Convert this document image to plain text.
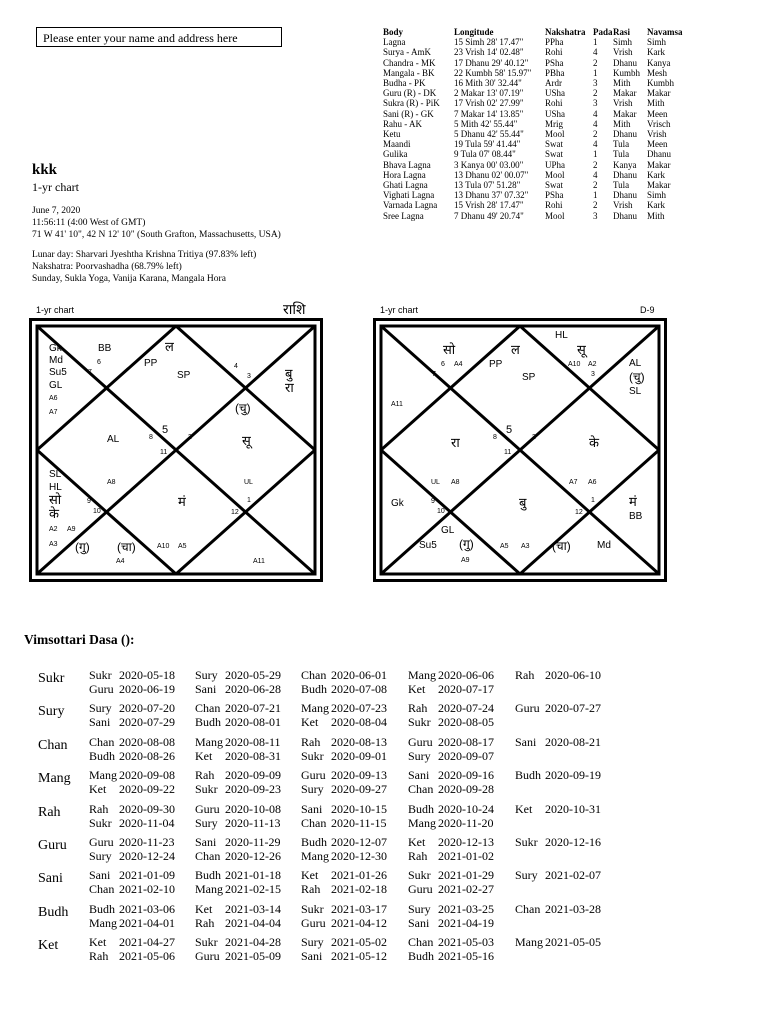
Please enter your name and address here
kkk
1-yr chart
June 7, 2020
11:56:11 (4:00 West of GMT)
71 W 41' 10", 42 N 12' 10" (South Grafton, Massachusetts, USA)
Lunar day: Sharvari Jyeshtha Krishna Tritiya (97.83% left)
Nakshatra: Poorvashadha (68.79% left)
Sunday, Sukla Yoga, Vanija Karana, Mangala Hora
Body	Longitude	Nakshatra	Pada	Rasi	Navamsa
Lagna	15 Simh 28' 17.47"	PPha	1	Simh	Simh
Surya - AmK	23 Vrish 14' 02.48"	Rohi	4	Vrish	Kark
Chandra - MK	17 Dhanu 29' 40.12"	PSha	2	Dhanu	Kanya
Mangala - BK	22 Kumbh 58' 15.97"	PBha	1	Kumbh	Mesh
Budha - PK	16 Mith 30' 32.44"	Ardr	3	Mith	Kumbh
Guru (R) - DK	2 Makar 13' 07.19"	USha	2	Makar	Makar
Sukra (R) - PiK	17 Vrish 02' 27.99"	Rohi	3	Vrish	Mith
Sani (R) - GK	7 Makar 14' 13.85"	USha	4	Makar	Meen
Rahu - AK	5 Mith 42' 55.44"	Mrig	4	Mith	Vrisch
Ketu	5 Dhanu 42' 55.44"	Mool	2	Dhanu	Vrish
Maandi	19 Tula 59' 41.44"	Swat	4	Tula	Meen
Gulika	9 Tula 07' 08.44"	Swat	1	Tula	Dhanu
Bhava Lagna	3 Kanya 00' 03.00"	UPha	2	Kanya	Makar
Hora Lagna	13 Dhanu 02' 00.07"	Mool	4	Dhanu	Kark
Ghati Lagna	13 Tula 07' 51.28"	Swat	2	Tula	Makar
Vighati Lagna	13 Dhanu 37' 07.32"	PSha	1	Dhanu	Simh
Varnada Lagna	15 Vrish 28' 17.47"	Rohi	2	Vrish	Kark
Sree Lagna	7 Dhanu 49' 20.74"	Mool	3	Dhanu	Mith
1-yr chart	राशि
Gk
Md
Su5
GL
A6
A7
BB
6
7
ल
PP
SP
4
3	बु
रा
(चु)
AL	8
5
2
11
सू
SL
HL
सो
के
A2 A9
A3
A8
9
10
मं
UL
12
1
(गु) (चा)
A4
A10 A5
A11
1-yr chart	D-9
HL
सो
A4
ल
PP
SP
सू
A10 A2	AL
(चु)
SL
7
6
3
A11
रा	8
5
2
11
के
UL A8	A7 A6
Gk	9
10
बु
12
1	मं
BB
GL
Su5 (गु)
A9
A5 A3 (चा)	Md
Vimsottari Dasa ():
Sukr Sukr 2020-05-18 Sury 2020-05-29 Chan 2020-06-01 Mang 2020-06-06 Rah 2020-06-10
Guru 2020-06-19 Sani 2020-06-28 Budh 2020-07-08 Ket 2020-07-17
Sury Sury 2020-07-20 Chan 2020-07-21 Mang 2020-07-23 Rah 2020-07-24 Guru 2020-07-27
Sani 2020-07-29 Budh 2020-08-01 Ket 2020-08-04 Sukr 2020-08-05
Chan Chan 2020-08-08 Mang 2020-08-11 Rah 2020-08-13 Guru 2020-08-17 Sani 2020-08-21
Budh 2020-08-26 Ket 2020-08-31 Sukr 2020-09-01 Sury 2020-09-07
Mang Mang 2020-09-08 Rah 2020-09-09 Guru 2020-09-13 Sani 2020-09-16 Budh 2020-09-19
Ket 2020-09-22 Sukr 2020-09-23 Sury 2020-09-27 Chan 2020-09-28
Rah Rah 2020-09-30 Guru 2020-10-08 Sani 2020-10-15 Budh 2020-10-24 Ket 2020-10-31
Sukr 2020-11-04 Sury 2020-11-13 Chan 2020-11-15 Mang 2020-11-20
Guru Guru 2020-11-23 Sani 2020-11-29 Budh 2020-12-07 Ket 2020-12-13 Sukr 2020-12-16
Sury 2020-12-24 Chan 2020-12-26 Mang 2020-12-30 Rah 2021-01-02
Sani Sani 2021-01-09 Budh 2021-01-18 Ket 2021-01-26 Sukr 2021-01-29 Sury 2021-02-07
Chan 2021-02-10 Mang 2021-02-15 Rah 2021-02-18 Guru 2021-02-27
Budh Budh 2021-03-06 Ket 2021-03-14 Sukr 2021-03-17 Sury 2021-03-25 Chan 2021-03-28
Mang 2021-04-01 Rah 2021-04-04 Guru 2021-04-12 Sani 2021-04-19
Ket	Ket 2021-04-27 Sukr 2021-04-28 Sury 2021-05-02 Chan 2021-05-03 Mang 2021-05-05
Rah 2021-05-06 Guru 2021-05-09 Sani 2021-05-12 Budh 2021-05-16
